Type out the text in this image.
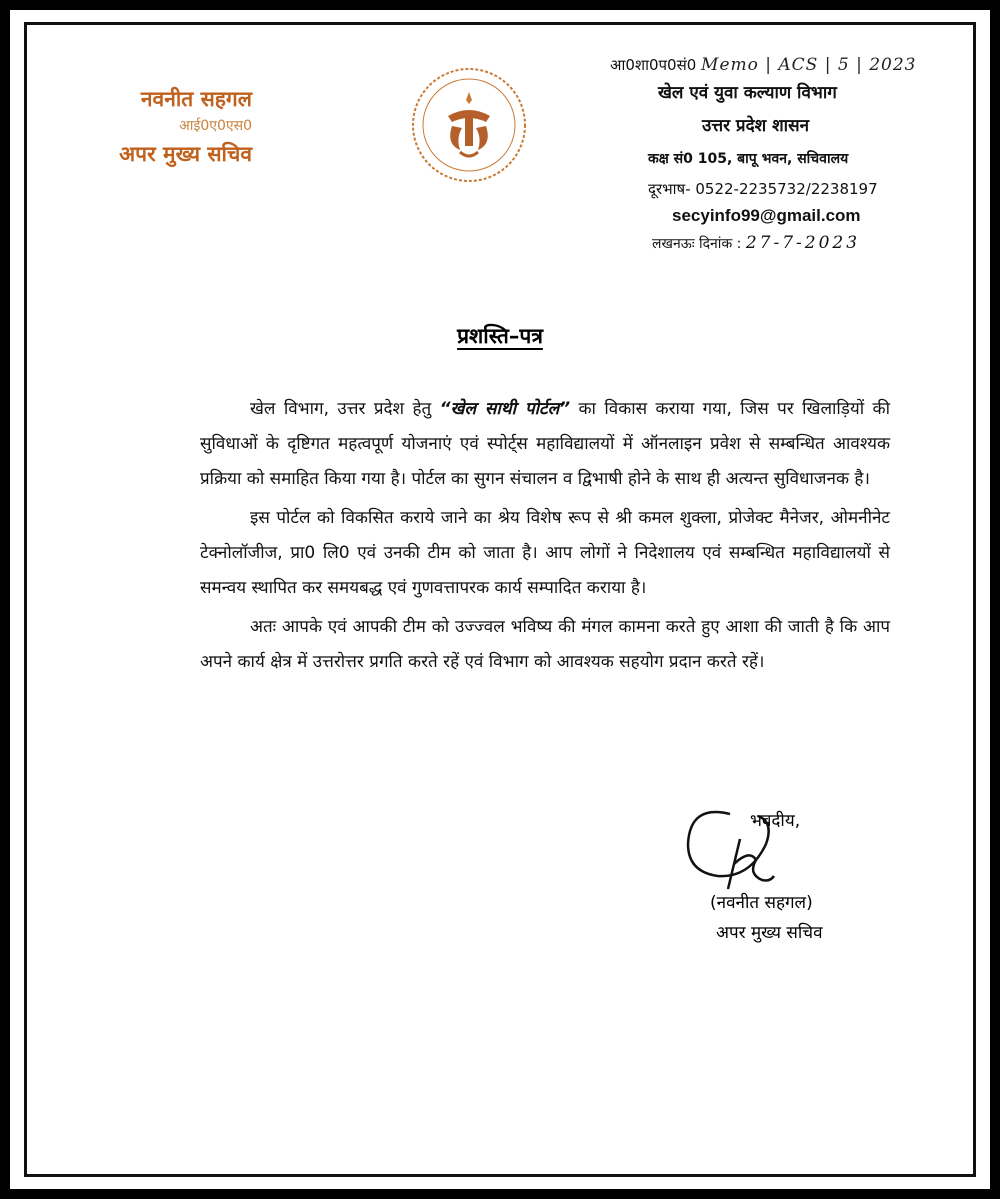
नवनीत सहगल
आई0ए0एस0
अपर मुख्य सचिव
आ0शा0प0सं0 Memo | ACS | 5 | 2023
खेल एवं युवा कल्याण विभाग
उत्तर प्रदेश शासन
कक्ष सं0 105, बापू भवन, सचिवालय
दूरभाष- 0522-2235732/2238197
secyinfo99@gmail.com
लखनऊः दिनांक : 27-7-2023
प्रशस्ति–पत्र

खेल विभाग, उत्तर प्रदेश हेतु “खेल साथी पोर्टल” का विकास कराया गया, जिस पर खिलाड़ियों की सुविधाओं के दृष्टिगत महत्वपूर्ण योजनाएं एवं स्पोर्ट्स महाविद्यालयों में ऑनलाइन प्रवेश से सम्बन्धित आवश्यक प्रक्रिया को समाहित किया गया है। पोर्टल का सुगन संचालन व द्विभाषी होने के साथ ही अत्यन्त सुविधाजनक है।

इस पोर्टल को विकसित कराये जाने का श्रेय विशेष रूप से श्री कमल शुक्ला, प्रोजेक्ट मैनेजर, ओमनीनेट टेक्नोलॉजीज, प्रा0 लि0 एवं उनकी टीम को जाता है। आप लोगों ने निदेशालय एवं सम्बन्धित महाविद्यालयों से समन्वय स्थापित कर समयबद्ध एवं गुणवत्तापरक कार्य सम्पादित कराया है।

अतः आपके एवं आपकी टीम को उज्ज्वल भविष्य की मंगल कामना करते हुए आशा की जाती है कि आप अपने कार्य क्षेत्र में उत्तरोत्तर प्रगति करते रहें एवं विभाग को आवश्यक सहयोग प्रदान करते रहें।

भवदीय,
(नवनीत सहगल)
अपर मुख्य सचिव
